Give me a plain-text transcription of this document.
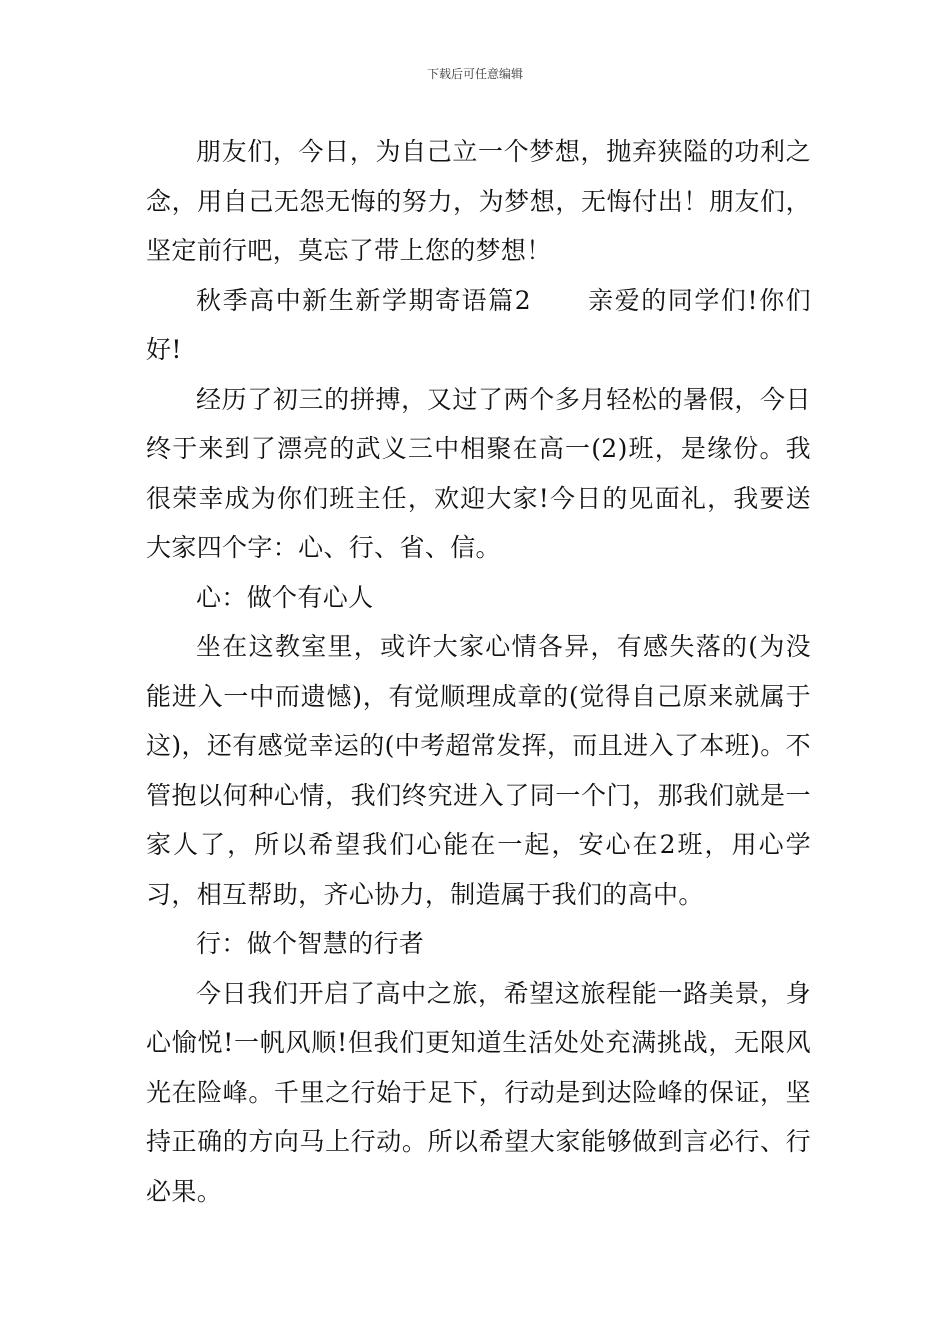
下载后可任意编辑

朋友们，今日，为自己立一个梦想，抛弃狭隘的功利之念，用自己无怨无悔的努力，为梦想，无悔付出！朋友们，坚定前行吧，莫忘了带上您的梦想！

秋季高中新生新学期寄语篇2      亲爱的同学们!你们好!

经历了初三的拼搏，又过了两个多月轻松的暑假，今日终于来到了漂亮的武义三中相聚在高一(2)班，是缘份。我很荣幸成为你们班主任，欢迎大家!今日的见面礼，我要送大家四个字：心、行、省、信。

心：做个有心人

坐在这教室里，或许大家心情各异，有感失落的(为没能进入一中而遗憾)，有觉顺理成章的(觉得自己原来就属于这)，还有感觉幸运的(中考超常发挥，而且进入了本班)。不管抱以何种心情，我们终究进入了同一个门，那我们就是一家人了，所以希望我们心能在一起，安心在2班，用心学习，相互帮助，齐心协力，制造属于我们的高中。

行：做个智慧的行者

今日我们开启了高中之旅，希望这旅程能一路美景，身心愉悦!一帆风顺!但我们更知道生活处处充满挑战，无限风光在险峰。千里之行始于足下，行动是到达险峰的保证，坚持正确的方向马上行动。所以希望大家能够做到言必行、行必果。
